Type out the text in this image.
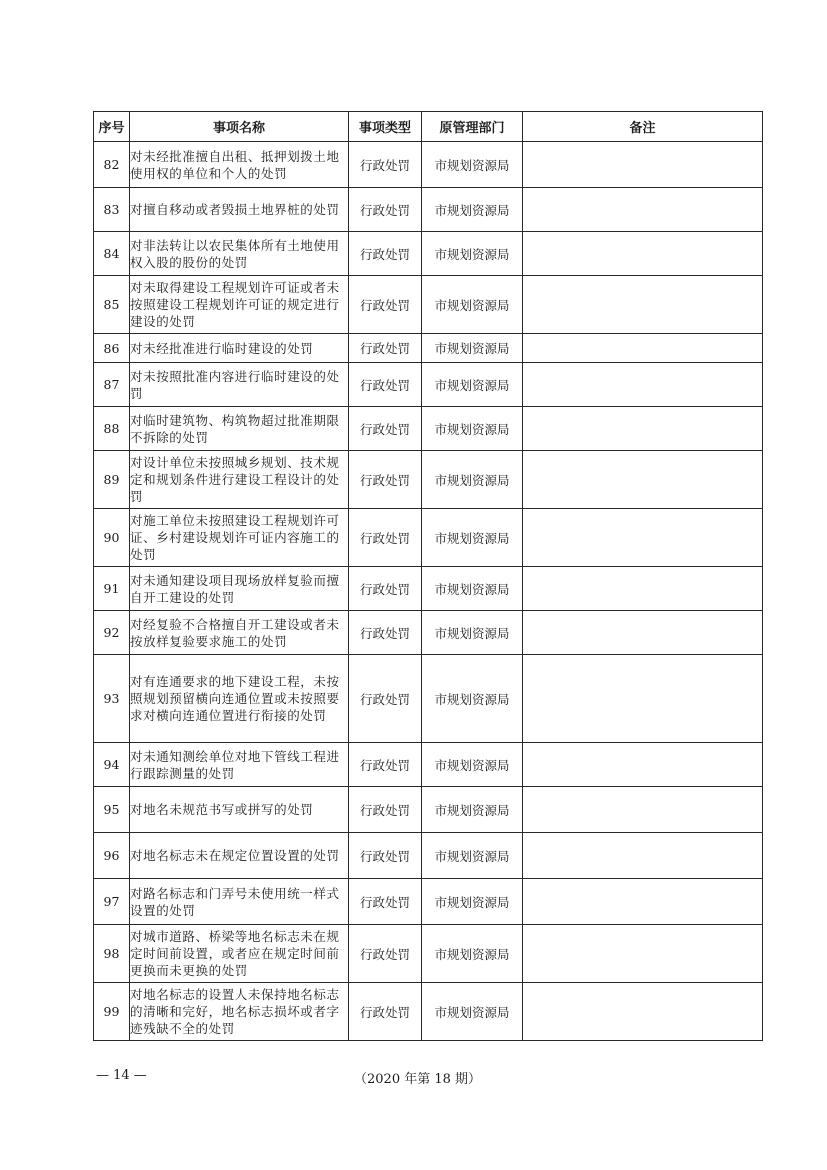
序号	事项名称	事项类型	原管理部门	备注
82	对未经批准擅自出租、抵押划拨土地使用权的单位和个人的处罚	行政处罚	市规划资源局	
83	对擅自移动或者毁损土地界桩的处罚	行政处罚	市规划资源局	
84	对非法转让以农民集体所有土地使用权入股的股份的处罚	行政处罚	市规划资源局	
85	对未取得建设工程规划许可证或者未按照建设工程规划许可证的规定进行建设的处罚	行政处罚	市规划资源局	
86	对未经批准进行临时建设的处罚	行政处罚	市规划资源局	
87	对未按照批准内容进行临时建设的处罚	行政处罚	市规划资源局	
88	对临时建筑物、构筑物超过批准期限不拆除的处罚	行政处罚	市规划资源局	
89	对设计单位未按照城乡规划、技术规定和规划条件进行建设工程设计的处罚	行政处罚	市规划资源局	
90	对施工单位未按照建设工程规划许可证、乡村建设规划许可证内容施工的处罚	行政处罚	市规划资源局	
91	对未通知建设项目现场放样复验而擅自开工建设的处罚	行政处罚	市规划资源局	
92	对经复验不合格擅自开工建设或者未按放样复验要求施工的处罚	行政处罚	市规划资源局	
93	对有连通要求的地下建设工程，未按照规划预留横向连通位置或未按照要求对横向连通位置进行衔接的处罚	行政处罚	市规划资源局	
94	对未通知测绘单位对地下管线工程进行跟踪测量的处罚	行政处罚	市规划资源局	
95	对地名未规范书写或拼写的处罚	行政处罚	市规划资源局	
96	对地名标志未在规定位置设置的处罚	行政处罚	市规划资源局	
97	对路名标志和门弄号未使用统一样式设置的处罚	行政处罚	市规划资源局	
98	对城市道路、桥梁等地名标志未在规定时间前设置，或者应在规定时间前更换而未更换的处罚	行政处罚	市规划资源局	
99	对地名标志的设置人未保持地名标志的清晰和完好，地名标志损坏或者字迹残缺不全的处罚	行政处罚	市规划资源局	
— 14 —	（2020 年第 18 期）
